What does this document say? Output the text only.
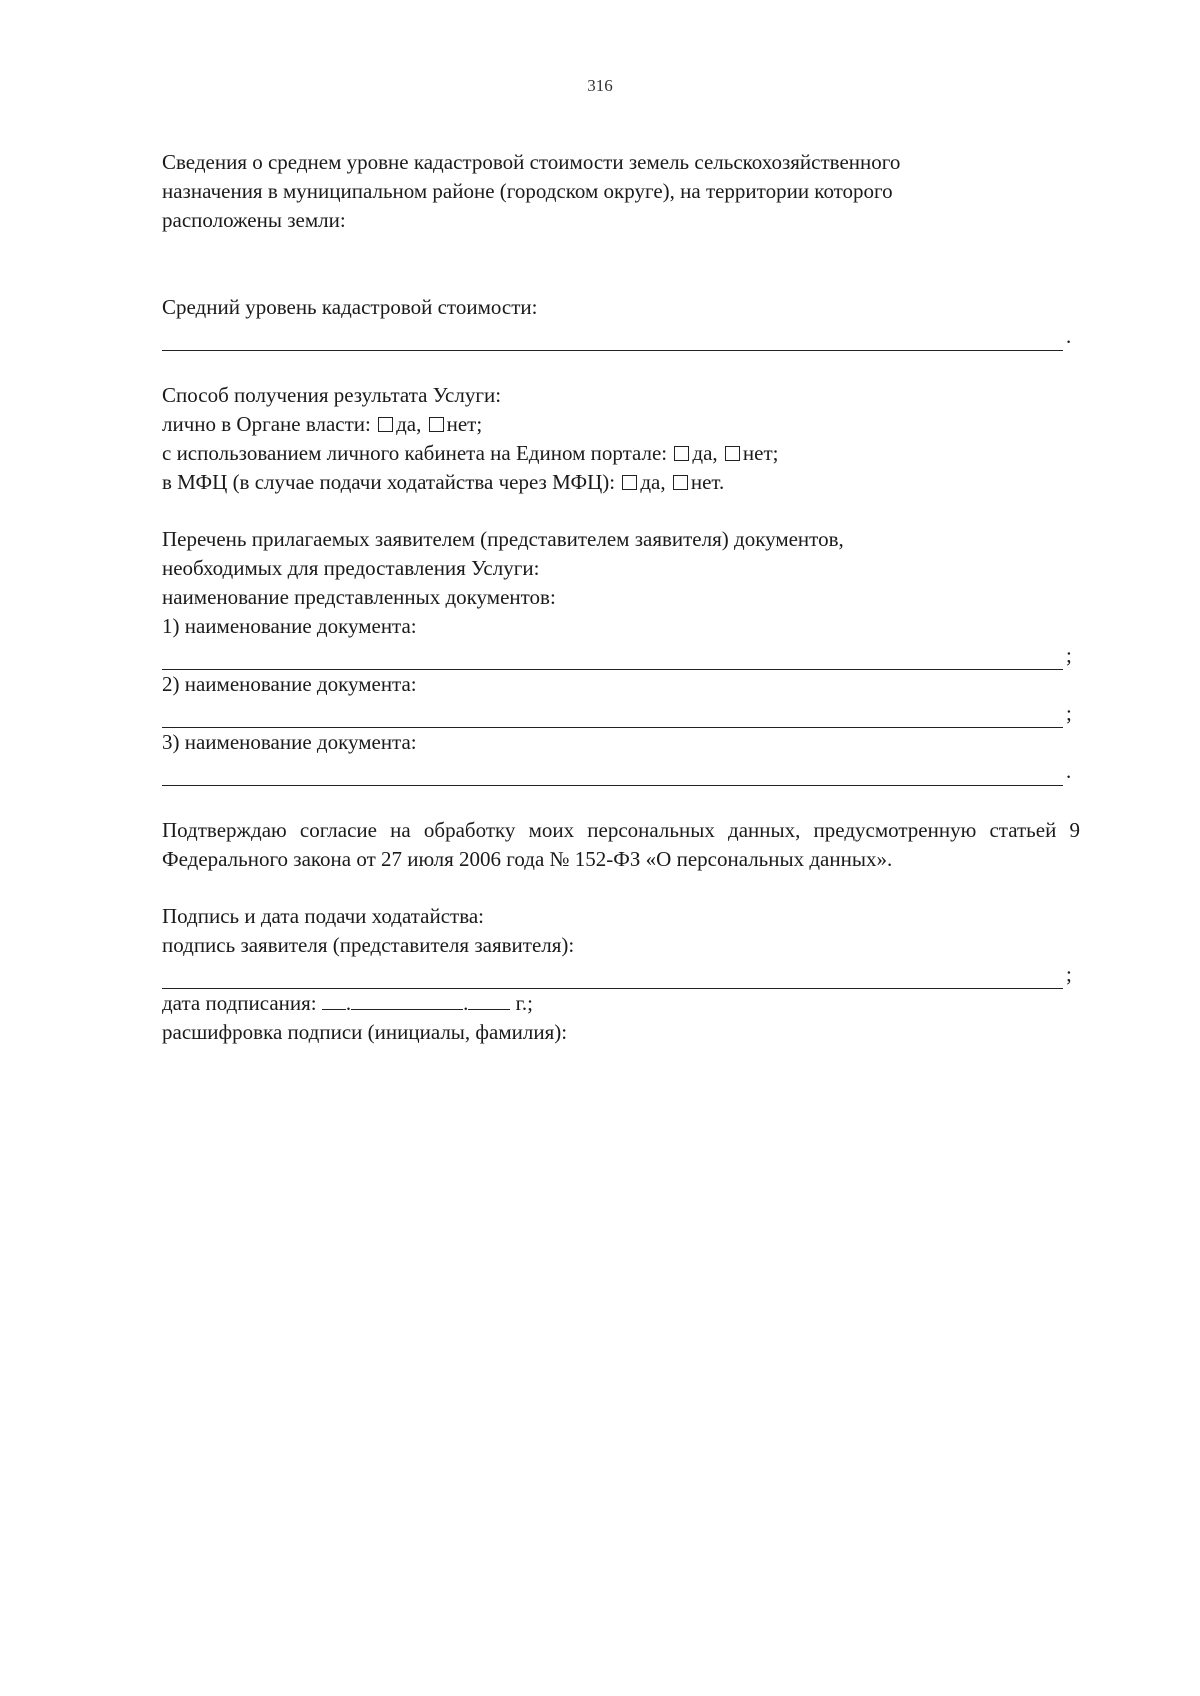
316

Сведения о среднем уровне кадастровой стоимости земель сельскохозяйственного
назначения в муниципальном районе (городском округе), на территории которого
расположены земли:

Средний уровень кадастровой стоимости:
.
Способ получения результата Услуги:
лично в Органе власти: да, нет;
с использованием личного кабинета на Едином портале: да, нет;
в МФЦ (в случае подачи ходатайства через МФЦ): да, нет.
Перечень прилагаемых заявителем (представителем заявителя) документов,
необходимых для предоставления Услуги:
наименование представленных документов:
1) наименование документа:
;
2) наименование документа:
;
3) наименование документа:
.

Подтверждаю согласие на обработку моих персональных данных, предусмотренную статьей 9 Федерального закона от 27 июля 2006 года № 152-ФЗ «О персональных данных».

Подпись и дата подачи ходатайства:
подпись заявителя (представителя заявителя):
;
дата подписания: .	. г.;
расшифровка подписи (инициалы, фамилия):
